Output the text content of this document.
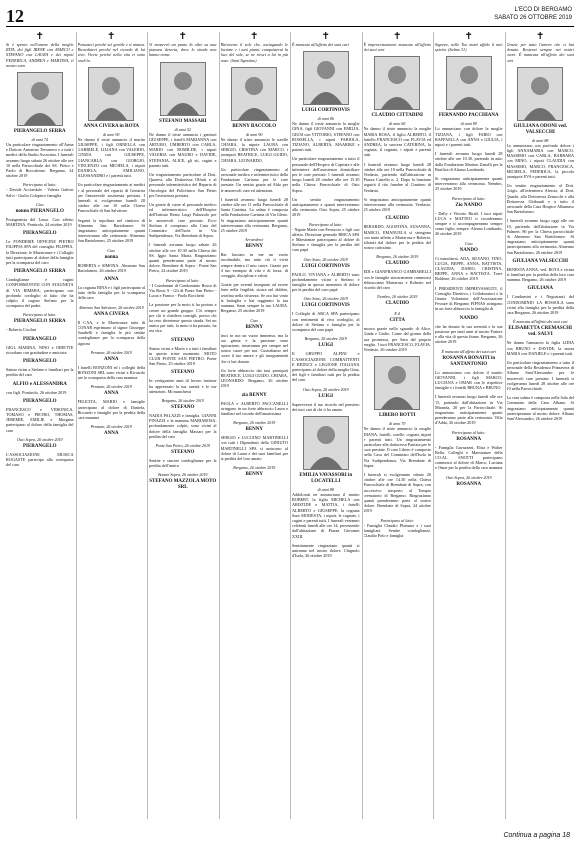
12	L'ECO DI BERGAMO
SABATO 26 OTTOBRE 2019
✝
Si è spento nell'amore della moglie RITA, dei figli IRENE con MARCO e STEFANO con LAURA e dei nipoti FEDERICA, ANDREA e MARTINA, il nostro caro
PIERANGELO SERRA
di anni 74
Un particolare ringraziamento all'Arma e Dottore Antonino Terranova e a tutti i medici della Studio Associato. I funerali avranno luogo sabato 26 ottobre alle ore 10 nella Parrocchiale dei SS. Pietro e Paolo di Boccaleone. Bergamo, 24 ottobre 2019
Partecipano al lutto:
- Davide Acciardulo - Valeria Galessi Salvi - Giulio Colaprice famiglia
Ciao
nonno PIERANGELO
Protagonista del Lasso. Con affetto MARTINA. Pontirolo, 24 ottobre 2019
PIERANGELO
Le FONDERIE OFFICINE PIETRO FILIPPIA SPA del consiglio FILIPPIA, la Direzione, le Maestranze e i Collaghi tutti partecipano al dolore della famiglia per la scomparsa del caro
PIERANGELO SERRA
Condoglianze e cugini CONFORMOTONI CON STAGNETA di VIA RIMERA, partecipano con profondo cordoglio al lutto che ha colpito il cugino Stefano per la scomparsa del padre.
Partecipano al lutto:
PIERANGELO SERRA
- Roberta Cicolari
PIERANGELO
GIGI, MARINA, NINO e ORIETTE ricordano con gratitudine e amicizia
PIERANGELO
Saimo vicini a Stefano e familiari per la perdita del caro
ALFIO e ALESSANDRA
con figli. Pontirolo, 26 ottobre 2019
PIERANGELO
FRANCESCO e VERONICA, TOMASO e PIETRO, THOMAS, JEREMIE, EMILIE e Morgana partecipano al dolore della famiglia del caro
Osio Sopra, 26 ottobre 2019
PIERANGELO
L'ASSOCIAZIONE MUSICA ROGASTE partecipa alla scomparsa del caro
✝
Pensateci perché sei gentile e ti amava. Ricordatevi perché nel ricordo di lui vivo. Vivete perché nella vita ci sono anch'io.
ANNA CIVERA in ROTA
di anni 90
Ne danno il triste annuncio il marito GIUSEPPE, i figli ORNELLA con GABRIELE, LILIANA con VALERIO, CINZIA con GIUSEPPE, GIANCARLA con GIORGIO, VINCENZO con MICHELA, i nipoti DANIELA, EMILIANO, ALESSANDRO e i parenti tutti.
Un particolare ringraziamento ai medici e al personale del reparto di Geriatria per l'amorevole assistenza prestata. I funerali si svolgeranno lunedì 28 ottobre alle ore 10 nella Chiesa Parrocchiale di San Salvatore.
Seguirà la sepoltura nel cimitero di Almenno San Bartolomeo. Si ringraziano anticipatamente quanti interverranno alle cerimonie. Almenno San Bartolomeo, 25 ottobre 2019
Ciao
nonna
ROBERTA e SIMONA. Almenno San Bartolomeo, 26 ottobre 2019
ANNA
La cognata RINA e i figli partecipano al lutto della famiglia per la scomparsa della cara
Almenno San Salvatore, 26 ottobre 2019
ANNA CIVERA
Il CAA, e le Maestranze tutte di CONAR esprimono al signor Giuseppe Sarabelli e famiglia le più sentite condoglianze per la scomparsa della signora
Prezzate, 26 ottobre 2019
ANNA
I fratelli BONZONI ed i colleghi della BONZONI SRL sono vicini a Riccardo per la scomparsa della cara mamma
Prezzate, 26 ottobre 2019
ANNA
FELICITA, MARIO e famiglie partecipano al dolore di Daniela, Riccardo e famiglie per la perdita della cara mamma
Prezzate, 26 ottobre 2019
ANNA
✝
Vi mostrerò un punto là oltre su una pianura deserta, dove le strade non hanno nome.
STEFANO MASSARI
di anni 52
Ne danno il triste annuncio i genitori GIUSEPPE, i fratelli MARIANNA con ARTURO, UMBERTO con CARLA, MARIO con ROMILDE, i nipoti VALERIA con MAURO e DAVIDE, STEFANIA, ALICE, gli zii, cugini e parenti tutti.
Un ringraziamento particolare al Dott. Quaresi, alla Dottoressa Olfatti e al personale infermieristico del Reparto di Oncologia del Policlinico San Pietro per l'assistenza prestata.
Un grazie di cuore al personale medico ed infermieristico dell'Hospice dell'Istituto Beato Luigi Palazzolo per le amorevoli cure prestate. Ecco Stefano il compenso alla Casa del Commiato dell'Isola in Via Sudipendenza, Via Brembate di Sopra.
I funerali avranno luogo sabato 26 ottobre alle ore 10.30 nella Chiesa dei SS. Iggio Santa Maria. Ringraziamo quanti prenderanno parte al nostro dolore. Brembate di Sopra - Ponte San Pietro, 24 ottobre 2019
Partecipano al lutto:
- I Condomini di Condominio Rosso di Via Rossi 9 - Gli di Ponte San Pietro - Lucia e Franco - Paolo Rocchetti
La passione per la moto ti ha portato a creare un grande gruppo. C'ei sempre per chi ti chiedeva consigli, presso chi ha reso divertente questa strada. Sei un amico per tutti, la moto ti ha passato, ha rea vita.
STEFANO
Siamo vicini a Mario e a tutti i familiari in questo triste momento. MOTO CLUB PONTE SAN PIETRO. Ponte San Pietro, 25 ottobre 2019
STEFANO
In vestiguatrio anni di lavoro insieme ha apprezzato la tua onestà e le tue attenzioni. Mi mancherai
Bergamo, 26 ottobre 2019
STEFANO
NADIA PALAZZI e famiglia. GIANNI FINAZZI e la mamma MARIAROSA, profondamente colpiti, sono vicini al dolore della famiglia Massari per la perdita del caro
Ponte San Pietro, 26 ottobre 2019
STEFANO
Sentite e sincere condoglianze per la perdita dell'amico
Bonate Sopra, 26 ottobre 2019
STEFANO MAZZOLA MOTO SRL
✝
Ritroverai il sole che, asciugando le lacrime e i tuoi pianti, conquisterai la luce del sole, se ne riesci a lui in più pace. (Sant'Agostino)
BENNY BACCOLO
di anni 90
Ne danno il triste annuncio le sorelle CHIARA, la nipote LAURA con SERGIO, CRISTINA con MARCO, i pronipoti BEATRICE, LUIGI GUIDO, CHIARA, LEONARDO.
Un particolare ringraziamento al personale medico e infermieristico della Fondazione Carisma per le cure prestate. Un sentito grazie ad Aldo per le amorevoli cure ed attenzioni.
I funerali avranno luogo lunedì 28 ottobre alle ore 11 nella Parrocchiale di Santa Caterina. La salma è composta nella Fondazione Carisma di Via Gleno. Si ringraziano anticipatamente quanti interverranno alla cerimonia. Bergamo, 25 ottobre 2019
Arrivederci
BENNY
Hai lasciato in me un vuoto incolmabile, ma tutto ciò ti vivrà sempre dentro il mio cuore. Grazie per il tuo esempio di vita e di forza, di coraggio, disciplina e valori.
Grazie per averml insegnato ad essere forte nella fragilità, sicura nel dubbio, serafina nella tristezza. Se ora hai vinto la battaglia e hai raggiunto la tua mamma. Sarai sempre la tua LAURA. Bergamo, 25 ottobre 2019
Ciao
BENNY
lasci in noi un vuoto immenso, ma la tua grinta e la passione sono ispirazione, rimarranno per sempre nel nostro cuore per noi. Custodiamo nel cuore il tuo amore e gli insegnamenti che ci hai donato.
Un forte abbraccio dai tuoi pronipoti BEATRICE, LUIGI GUIDO, CHIARA, LEONARDO. Bergamo, 26 ottobre 2019
zia BENNY
PAOLA e ALBERTO PACCANELLI stringono in un forte abbraccio Laura e familiari nel ricordo dell'amatissima
Bergamo, 26 ottobre 2019
BENNY
SERGIO e LUCIANO MARTINELLI con tutti i Dipendenti della GINIUTO MARTINELLI SPA si uniscono al dolore di Laura e dei suoi familiari per la perdita del loro amato
Bergamo, 26 ottobre 2019
BENNY
✝
È mancato all'affetto dei suoi cari
LUIGI CORTINOVIS
di anni 86
Ne danno il triste annuncio la moglie GINA, figli GIOVANNI con EMILIA, GIUSI con VITTORIO, STEFANO con ROSSELLA, i nipoti FABIOLA, TIZIANO, ALBERTA, MAARIKE e parenti tutti.
Un particolare ringraziamento a tutto il personale dell'Hospice di Capriate e alle infermiere dell'assistenza domiciliare per le cure prestate. I funerali avranno luogo lunedì 28 ottobre alle ore 15.30 nella Chiesa Parrocchiale di Osio Sopra.
Un sentito ringraziamento anticipatamente a quanti interverranno alla cerimonia. Osio Sopra, 25 ottobre 2019
Partecipano al lutto:
- Nipote Mario con Ferruccio e figli con affetto. Direzione generale BRICA SPA e Maestranze partecipano al dolore di Stefano e famiglia per la perdita del caro papà
Osio Sotto, 26 ottobre 2019
LUIGI CORTINOVIS
PAOLO, VIVIANA e ALBERTO sono profondamente vicini a Stefano e famiglia in questo momento di dolore per la perdita del caro papà
Osio Sotto, 26 ottobre 2019
LUIGI CORTINOVIS
I Colleghi di ARCA SPA partecipano con sentimenti di viva cordoglio, al dolore di Stefano e famiglia per la scomparsa del caro papà
Bergamo, 26 ottobre 2019
LUIGI
Il GRUPPO ALPINI e L'ASSOCIAZIONE COMBATTENTI E REDUCI e LEGIONE ITALIANA partecipano al dolore della moglie Gina, dei figli e familiari tutti per la perdita del caro
Osio Sopra, 26 ottobre 2019
LUIGI
Supereverai il tuo ricordo nel pensiero dei tuoi cari di chi ti ha amato.
EMILIA VAVASSORI in LOCATELLI
di anni 88
Addolorati ne annunciano il marito ROBERT, la figlia MICHELA con ARISTIDE e MATTIA, i fratelli ALBERTO e GIUSEPPE, la cognata Suor MODESTA, i nipoti, le cognate, i cugini e parenti tutti. I funerali verranno celebrati lunedì alle ore 14, provenendo dall'abitazione di Piazza Giovanni XXIII.
Sentitamente ringraziano quanti si uniranno nel nostro dolore. Chignolo d'Isola, 26 ottobre 2019
✝
È improvvisamente mancato all'affetto dei suoi cari
CLAUDIO CITTADINI
di anni 66
Ne danno il triste annuncio la moglie MARIA ROSA, il figlio ALBERTO, il fratello FRANCESCO con FLAVIA ed ANDREA, la suocera CATERINA, la cognata, il cognato, i nipoti e parenti tutti.
I funerali avranno luogo lunedì 28 ottobre alle ore 10 nella Parrocchiale di Verdasio, partendo dall'abitazione in Piazza Castello n. 2. Dopo la funzione seguirà il rito funebre al Cimitero di Verdasio.
Si ringraziano anticipatamente quanti interverranno alla cerimonia. Verdasio, 25 ottobre 2019
CLAUDIO
BERARDO, AGOSTINA, SUSANNA, MARCO, EMANUELA si stringono con tanto affetto a Mariarosa e Roberto, affranti dal dolore per la perdita del nostro carissimo
Bergamo, 26 ottobre 2019
CLAUDIO
EDI e GIANFRANCO GAMBARELLI con le famiglie sinceramente commossi abbracciano Mariarosa e Roberto nel ricordo del caro
Nembro, 26 ottobre 2019
CLAUDIO
E.il
CITTA
ancora grazie nello sguardo di Alice, Giada e Giulio. Come dal giorno della sua promessa, per Sara dal proprio meglio. I tuoi FRANCESCO, FLAVIA. Verdasio, 26 ottobre 2019
LIBERO BOTTI
di anni 79
Ne danno il triste annuncio la moglie DIANA, fratelli, sorelle, cognati, nipoti e parenti tutti. Un ringraziamento particolare alla dottoressa Patrizia per le cure prestate. Il caro Libero è composto nella Casa del Commiato dell'Isola in Via Sudipendenza, Via Brembate di Sopra.
I funerali si svolgeranno sabato 26 ottobre alle ore 14.30 nella Chiesa Parrocchiale di Brembate di Sopra, con successivo trasporto al Tempio crematorio di Bergamo. Ringraziamo quanti prenderanno parte al nostro dolore. Brembate di Sopra, 24 ottobre 2019
Partecipano al lutto:
- Famiglia Claudio Plomaso e i suoi famigliari. Sentite condoglianze, Claudio Polo e famiglia
✝
Signore, nelle Tue mani affido il mio spirito. (Salmo 31)
FERNANDO PACCHIANA
di anni 89
Lo annunciano con dolore la moglie TIZIANA, i figli FABIO con RAFFAELLA con ANNA e GIULIA, i nipoti e i parenti tutti.
I funerali avranno luogo lunedì 28 ottobre alle ore 10.30, partendo in auto dalla Fondazione Martino Zanolli per la Basilica di Alzano Lombardo.
Si ringraziano anticipatamente quanti interverranno alla cerimonia. Nembro, 25 ottobre 2019
Partecipano al lutto:
Zio NANDO
- Dally e Vittorio Birali. I tuoi nipoti LUCA e MATTEO ti ricorderanno sempre e ti accompagneranno sempre come figlio, sempre. Alzano Lombardo, 26 ottobre 2019
Ciao
NANDO
Ci mancherai. ADA, SILVANO, TINO, LUCIA, BEPPE, ANNA, BATTISTA, CLAUDIA, DARIO, CRISTINA, BEPPE, ANNA e BATTISTA. Torre Boldone, 26 ottobre 2019
I PRESIDENTI IMPREVASSUITI, il Consiglio Direttivo, i Collaboratori e la Giunta Volontaria dell'Associazione Fessure di Bergamo FIPNAS stringono in un forte abbraccio la famiglia di
NANDO
che ha donato la sua serenità e la sua passione per tanti anni al nostro Fattore e alla vita di questo fiume. Bergamo, 26 ottobre 2019
È mancata all'affetto dei suoi cari
ROSANNA BONAITI in SANTANTONIO
Lo annunciano con dolore il marito GIOVANNI, i figli MARCO, LUCIANA e OMAR con le rispettive famiglie e i fratelli BRUNA e BRUNO.
I funerali avranno luogo lunedì alle ore 15, partendo dall'abitazione in Via Miranda, 20 per la Parrocchiale. Si ringraziano anticipatamente quanti prenderanno parte alla cerimonia. Villa d'Adda, 26 ottobre 2019
Partecipano al lutto:
ROSANNA
- Famiglia Gavazzeni, Elisa e Walter Bella. Colleghi e Maestranze della CO.AL. SNOTTI partecipano commossi al dolore di Marco, Luciana e Omar per la perdita della cara mamma
Osio Sopra, 26 ottobre 2019
ROSANNA
✝
Grazie per tutto l'amore che ci hai donato. Resterai sempre nei nostri cuori. È mancata all'affetto dei suoi cari
GIULIANA ODONI ved. VALSECCHI
di anni 88
Lo annunciano con profondo dolore i figli ANNAMARIA con MARCO, MASSIMO con CARLA, BARBARA con MINO, i nipoti CLAUDIA con MASSIMO, MARCO, FRANCESCA, MICHELA, FEDERICA, la piccola pronipote EVA e parenti tutti.
Un sentito ringraziamento al Dott. Grigis, all'infermiera Alessia, al Dott. Quadri, alla Dottoressa Zenucchi e alla Dottoressa Ghibaudi e a tutto il personale della Casa Hospice Albamaso San Bartolomeo.
I funerali avranno luogo oggi alle ore 10, partendo dall'abitazione in Via Palmeri, 86 per la Chiesa parrocchiale di Almenno San Bartolomeo. Si ringraziano anticipatamente quanti parteciperanno alla cerimonia. Almenno San Bartolomeo, 26 ottobre 2019
GIULIANA VALSECCHI
ERNESTA ANNA, ved. ROTA e vicina ai familiari per la perdita della loro cara mamma. Bergamo, 26 ottobre 2019
GIULIANA
I Condomini e i Negozianti del CONDOMINIO LA BOSSOLA sono vicini alla famiglia per la perdita della cara Bergamo, 26 ottobre 2019
È mancata all'affetto dei suoi cari
ELISABETTA CREMASCHI ved. SALVI
Ne danno l'annuncio la figlia LIDIA con BRUNO e DAVIDE, la nuora MARIA con DANIELE e i parenti tutti.
Un particolare ringraziamento a tutto il personale della Residenza Primavera di Albano Sant'Alessandro per le amorevoli cure prestate. I funerali si svolgeranno lunedì 28 ottobre alle ore 10 nella Parrocchiale.
La cara salma è composta nella Sala del Commiato della Casa Albano. Si ringraziano anticipatamente quanti parteciperanno al nostro dolore. Albano Sant'Alessandro, 26 ottobre 2019
Continua a pagina 18
